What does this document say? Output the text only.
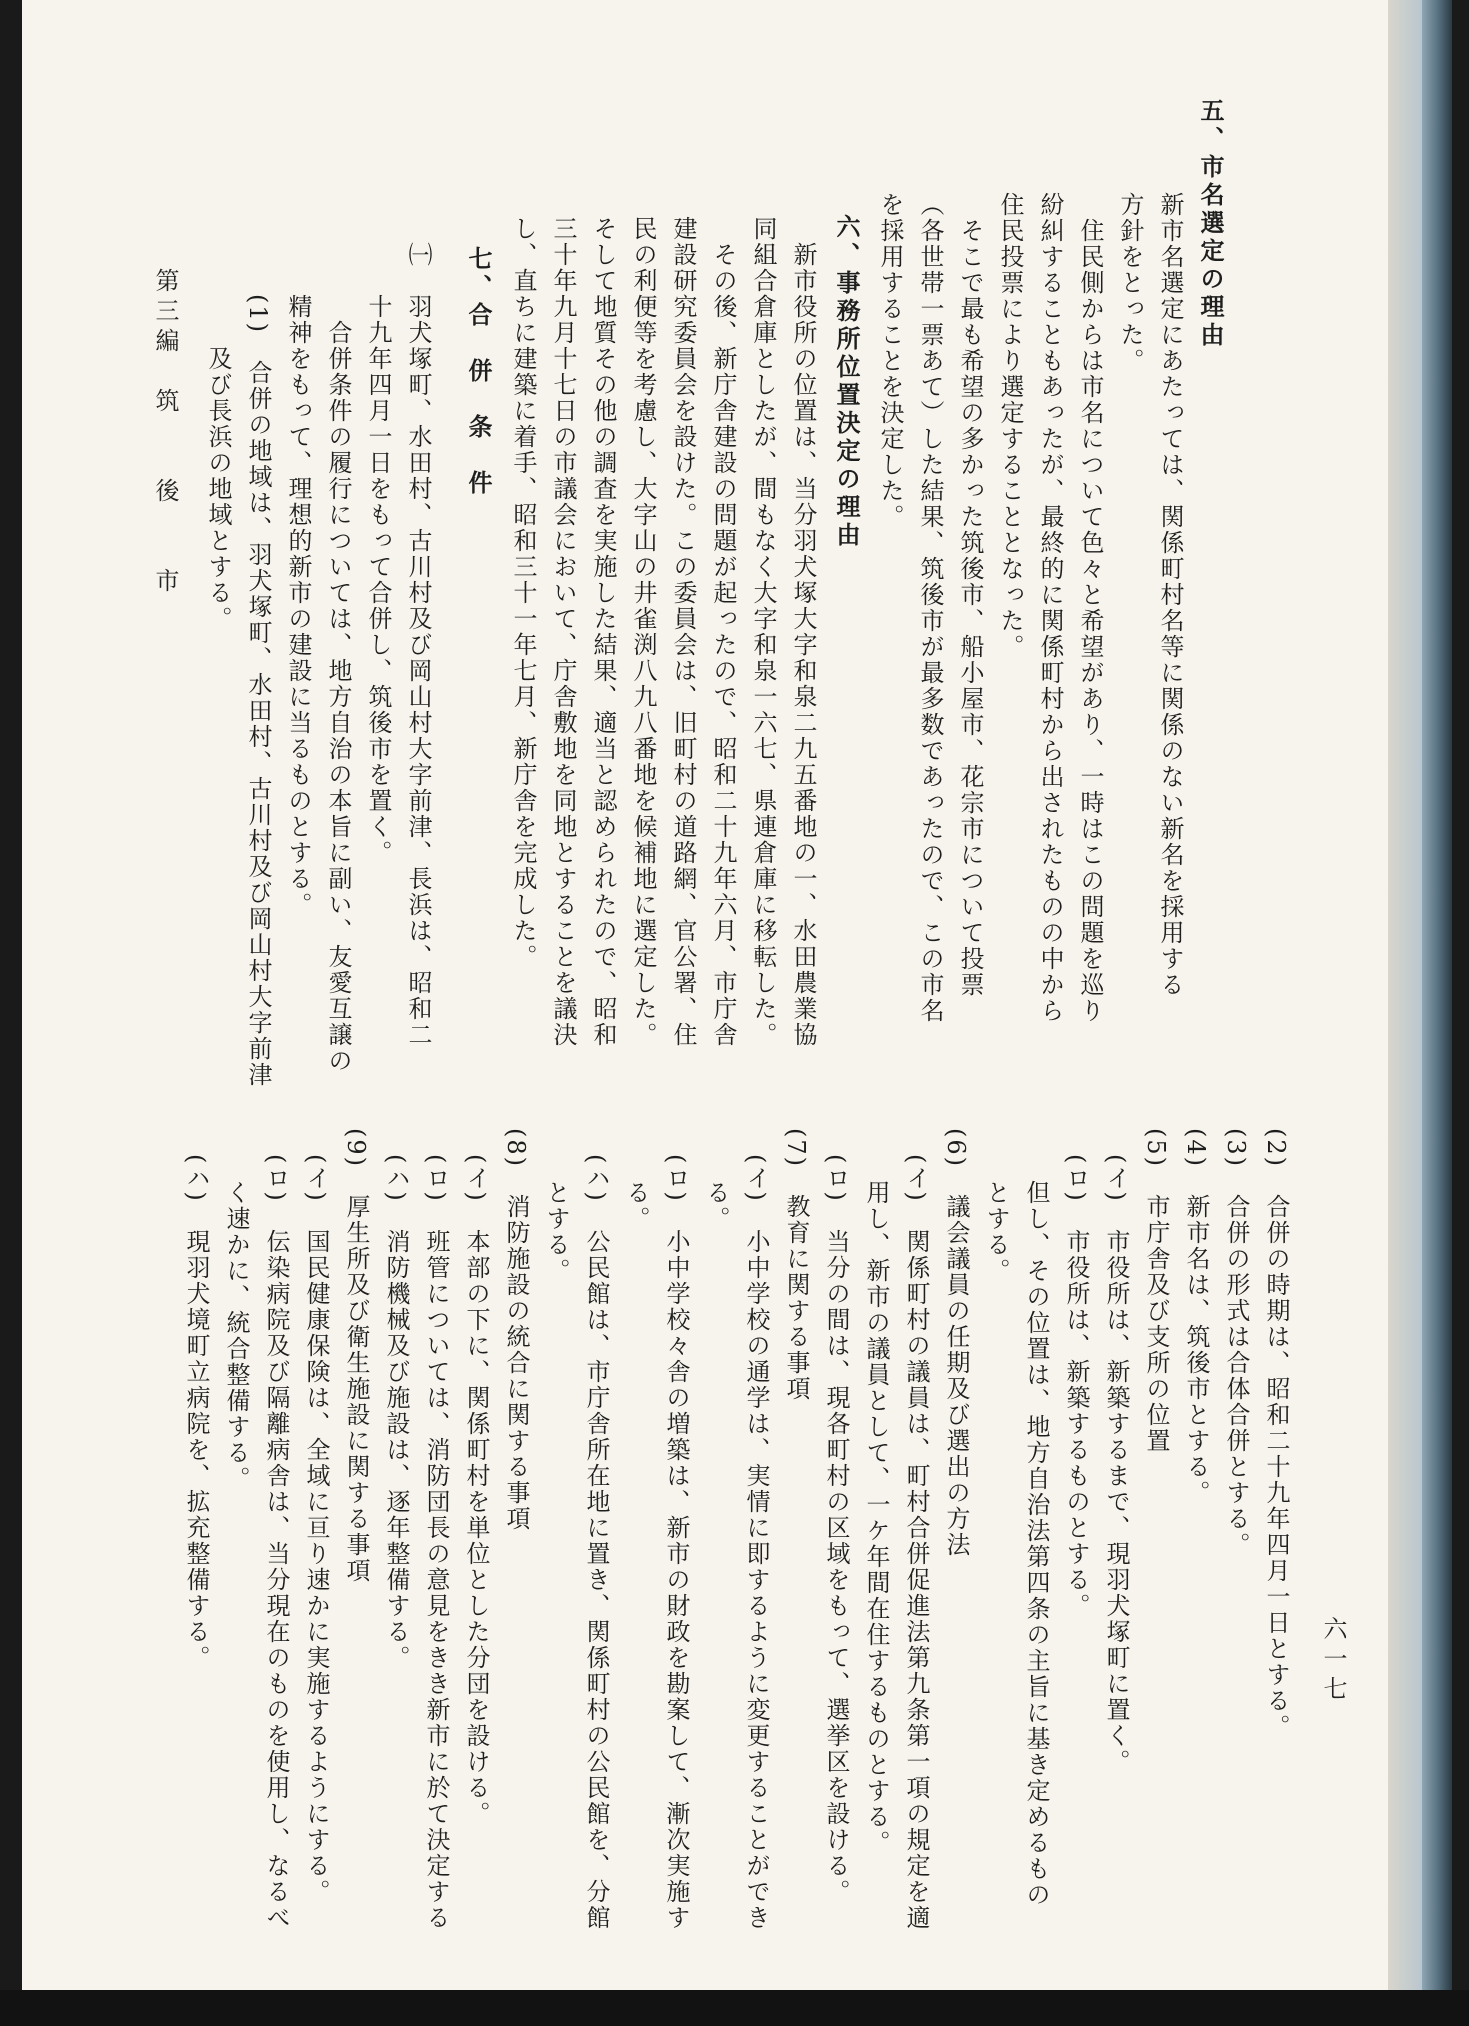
五、市名選定の理由
新市名選定にあたっては、関係町村名等に関係のない新名を採用する
方針をとった。
　住民側からは市名について色々と希望があり、一時はこの問題を巡り
紛糾することもあったが、最終的に関係町村から出されたものの中から
住民投票により選定することとなった。
　そこで最も希望の多かった筑後市、船小屋市、花宗市について投票
（各世帯一票あて）した結果、筑後市が最多数であったので、この市名
を採用することを決定した。
六、事務所位置決定の理由
　新市役所の位置は、当分羽犬塚大字和泉二九五番地の一、水田農業協
同組合倉庫としたが、間もなく大字和泉一六七、県連倉庫に移転した。
　その後、新庁舎建設の問題が起ったので、昭和二十九年六月、市庁舎
建設研究委員会を設けた。この委員会は、旧町村の道路網、官公署、住
民の利便等を考慮し、大字山の井雀渕八九八番地を候補地に選定した。
そして地質その他の調査を実施した結果、適当と認められたので、昭和
三十年九月十七日の市議会において、庁舎敷地を同地とすることを議決
し、直ちに建築に着手、昭和三十一年七月、新庁舎を完成した。
七、合　併　条　件
㈠　羽犬塚町、水田村、古川村及び岡山村大字前津、長浜は、昭和二
　　十九年四月一日をもって合併し、筑後市を置く。
　　　合併条件の履行については、地方自治の本旨に副い、友愛互譲の
　　精神をもって、理想的新市の建設に当るものとする。
　　(1)　合併の地域は、羽犬塚町、水田村、古川村及び岡山村大字前津
　　　　及び長浜の地域とする。
第三編　筑　　後　　市
(2)　合併の時期は、昭和二十九年四月一日とする。
(3)　合併の形式は合体合併とする。
(4)　新市名は、筑後市とする。
(5)　市庁舎及び支所の位置
　(イ)　市役所は、新築するまで、現羽犬塚町に置く。
　(ロ)　市役所は、新築するものとする。
　　但し、その位置は、地方自治法第四条の主旨に基き定めるもの
　　とする。
(6)　議会議員の任期及び選出の方法
　(イ)　関係町村の議員は、町村合併促進法第九条第一項の規定を適
　　用し、新市の議員として、一ケ年間在住するものとする。
　(ロ)　当分の間は、現各町村の区域をもって、選挙区を設ける。
(7)　教育に関する事項
　(イ)　小中学校の通学は、実情に即するように変更することができ
　　る。
　(ロ)　小中学校々舎の増築は、新市の財政を勘案して、漸次実施す
　　る。
　(ハ)　公民館は、市庁舎所在地に置き、関係町村の公民館を、分館
　　とする。
(8)　消防施設の統合に関する事項
　(イ)　本部の下に、関係町村を単位とした分団を設ける。
　(ロ)　班管については、消防団長の意見をきき新市に於て決定する
　(ハ)　消防機械及び施設は、逐年整備する。
(9)　厚生所及び衛生施設に関する事項
　(イ)　国民健康保険は、全域に亘り速かに実施するようにする。
　(ロ)　伝染病院及び隔離病舎は、当分現在のものを使用し、なるべ
　　く速かに、統合整備する。
　(ハ)　現羽犬境町立病院を、拡充整備する。	六一七
